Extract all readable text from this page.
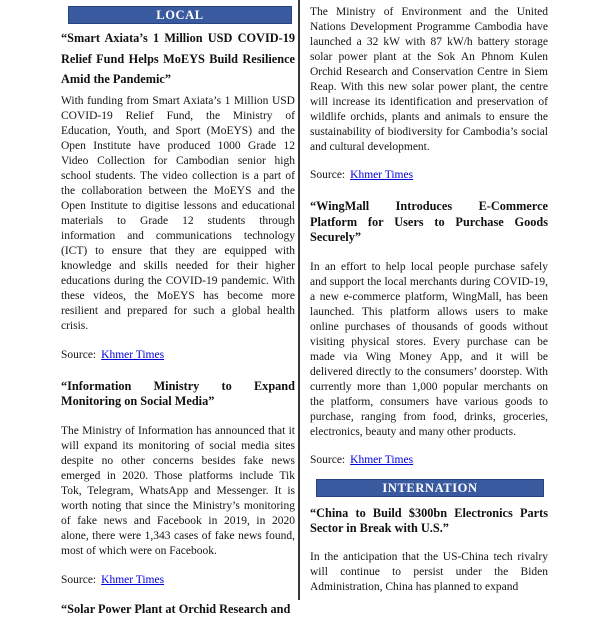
LOCAL

“Smart Axiata’s 1 Million USD COVID-19 Relief Fund Helps MoEYS Build Resilience Amid the Pandemic”

With funding from Smart Axiata’s 1 Million USD COVID-19 Relief Fund, the Ministry of Education, Youth, and Sport (MoEYS) and the Open Institute have produced 1000 Grade 12 Video Collection for Cambodian senior high school students. The video collection is a part of the collaboration between the MoEYS and the Open Institute to digitise lessons and educational materials to Grade 12 students through information and communications technology (ICT) to ensure that they are equipped with knowledge and skills needed for their higher educations during the COVID-19 pandemic. With these videos, the MoEYS has become more resilient and prepared for such a global health crisis.

Source: Khmer Times

“Information Ministry to Expand Monitoring on Social Media”

The Ministry of Information has announced that it will expand its monitoring of social media sites despite no other concerns besides fake news emerged in 2020. Those platforms include Tik Tok, Telegram, WhatsApp and Messenger. It is worth noting that since the Ministry’s monitoring of fake news and Facebook in 2019, in 2020 alone, there were 1,343 cases of fake news found, most of which were on Facebook.

Source: Khmer Times

“Solar Power Plant at Orchid Research and

The Ministry of Environment and the United Nations Development Programme Cambodia have launched a 32 kW with 87 kW/h battery storage solar power plant at the Sok An Phnom Kulen Orchid Research and Conservation Centre in Siem Reap. With this new solar power plant, the centre will increase its identification and preservation of wildlife orchids, plants and animals to ensure the sustainability of biodiversity for Cambodia’s social and cultural development.

Source: Khmer Times

“WingMall Introduces E-Commerce Platform for Users to Purchase Goods Securely”

In an effort to help local people purchase safely and support the local merchants during COVID-19, a new e-commerce platform, WingMall, has been launched. This platform allows users to make online purchases of thousands of goods without visiting physical stores. Every purchase can be made via Wing Money App, and it will be delivered directly to the consumers’ doorstep. With currently more than 1,000 popular merchants on the platform, consumers have various goods to purchase, ranging from food, drinks, groceries, electronics, beauty and many other products.

Source: Khmer Times

INTERNATION

“China to Build $300bn Electronics Parts Sector in Break with U.S.”

In the anticipation that the US-China tech rivalry will continue to persist under the Biden Administration, China has planned to expand
